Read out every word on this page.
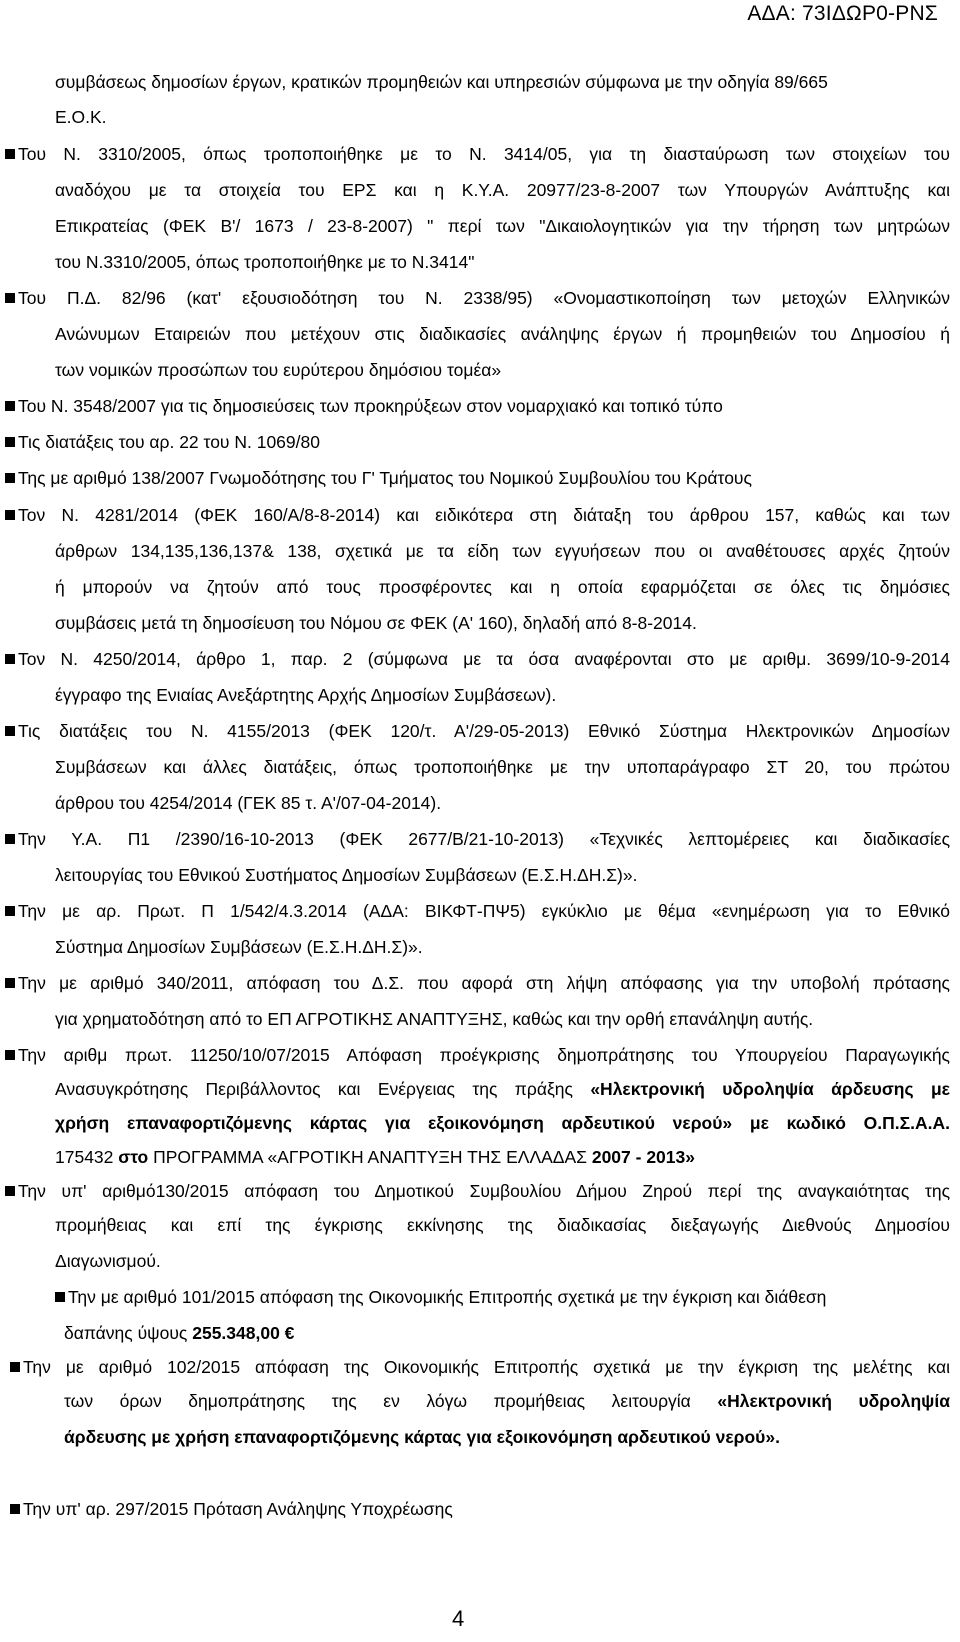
ΑΔΑ: 73ΙΔΩΡ0-ΡΝΣ
συμβάσεως δημοσίων έργων, κρατικών προμηθειών και υπηρεσιών σύμφωνα με την οδηγία 89/665
Ε.Ο.Κ.
Του Ν. 3310/2005, όπως τροποποιήθηκε με το Ν. 3414/05, για τη διασταύρωση των στοιχείων του
αναδόχου με τα στοιχεία του ΕΡΣ και η Κ.Υ.Α. 20977/23-8-2007 των Υπουργών Ανάπτυξης και
Επικρατείας (ΦΕΚ Β'/ 1673 / 23-8-2007) " περί των "Δικαιολογητικών για την τήρηση των μητρώων
του Ν.3310/2005, όπως τροποποιήθηκε με το Ν.3414"
Του Π.Δ. 82/96 (κατ' εξουσιοδότηση του Ν. 2338/95) «Ονομαστικοποίηση των μετοχών Ελληνικών
Ανώνυμων Εταιρειών που μετέχουν στις διαδικασίες ανάληψης έργων ή προμηθειών του Δημοσίου ή
των νομικών προσώπων του ευρύτερου δημόσιου τομέα»
Του Ν. 3548/2007 για τις δημοσιεύσεις των προκηρύξεων στον νομαρχιακό και τοπικό τύπο
Τις διατάξεις του αρ. 22 του Ν. 1069/80
Της με αριθμό 138/2007 Γνωμοδότησης του Γ' Τμήματος του Νομικού Συμβουλίου του Κράτους
Τον Ν. 4281/2014 (ΦΕΚ 160/Α/8-8-2014) και ειδικότερα στη διάταξη του άρθρου 157, καθώς και των
άρθρων 134,135,136,137& 138, σχετικά με τα είδη των εγγυήσεων που οι αναθέτουσες αρχές ζητούν
ή μπορούν να ζητούν από τους προσφέροντες και η οποία εφαρμόζεται σε όλες τις δημόσιες
συμβάσεις μετά τη δημοσίευση του Νόμου σε ΦΕΚ (Α' 160), δηλαδή από 8-8-2014.
Τον Ν. 4250/2014, άρθρο 1, παρ. 2 (σύμφωνα με τα όσα αναφέρονται στο με αριθμ. 3699/10-9-2014
έγγραφο της Ενιαίας Ανεξάρτητης Αρχής Δημοσίων Συμβάσεων).
Τις διατάξεις του Ν. 4155/2013 (ΦΕΚ 120/τ. Α'/29-05-2013) Εθνικό Σύστημα Ηλεκτρονικών Δημοσίων
Συμβάσεων και άλλες διατάξεις, όπως τροποποιήθηκε με την υποπαράγραφο ΣΤ 20, του πρώτου
άρθρου του 4254/2014 (ΓΕΚ 85 τ. Α'/07-04-2014).
Την Υ.Α. Π1 /2390/16-10-2013 (ΦΕΚ 2677/Β/21-10-2013) «Τεχνικές λεπτομέρειες και διαδικασίες
λειτουργίας του Εθνικού Συστήματος Δημοσίων Συμβάσεων (Ε.Σ.Η.ΔΗ.Σ)».
Την με αρ. Πρωτ. Π 1/542/4.3.2014 (ΑΔΑ: ΒΙΚΦΤ-ΠΨ5) εγκύκλιο με θέμα «ενημέρωση για το Εθνικό
Σύστημα Δημοσίων Συμβάσεων (Ε.Σ.Η.ΔΗ.Σ)».
Την με αριθμό 340/2011, απόφαση του Δ.Σ. που αφορά στη λήψη απόφασης για την υποβολή πρότασης
για χρηματοδότηση από το ΕΠ ΑΓΡΟΤΙΚΗΣ ΑΝΑΠΤΥΞΗΣ, καθώς και την ορθή επανάληψη αυτής.
Την αριθμ πρωτ. 11250/10/07/2015 Απόφαση προέγκρισης δημοπράτησης του Υπουργείου Παραγωγικής
Ανασυγκρότησης Περιβάλλοντος και Ενέργειας της πράξης «Ηλεκτρονική υδροληψία άρδευσης με
χρήση επαναφορτιζόμενης κάρτας για εξοικονόμηση αρδευτικού νερού» με κωδικό Ο.Π.Σ.Α.Α.
175432 στο ΠΡΟΓΡΑΜΜΑ «ΑΓΡΟΤΙΚΗ ΑΝΑΠΤΥΞΗ ΤΗΣ ΕΛΛΑΔΑΣ 2007 - 2013»
Την υπ' αριθμό130/2015 απόφαση του Δημοτικού Συμβουλίου Δήμου Ζηρού περί της αναγκαιότητας της
προμήθειας και επί της έγκρισης εκκίνησης της διαδικασίας διεξαγωγής Διεθνούς Δημοσίου
Διαγωνισμού.
Την με αριθμό 101/2015 απόφαση της Οικονομικής Επιτροπής σχετικά με την έγκριση και διάθεση
δαπάνης ύψους 255.348,00 €
Την με αριθμό 102/2015 απόφαση της Οικονομικής Επιτροπής σχετικά με την έγκριση της μελέτης και
των όρων δημοπράτησης της εν λόγω προμήθειας λειτουργία «Ηλεκτρονική υδροληψία
άρδευσης με χρήση επαναφορτιζόμενης κάρτας για εξοικονόμηση αρδευτικού νερού».
Την υπ' αρ. 297/2015 Πρόταση Ανάληψης Υποχρέωσης
4
